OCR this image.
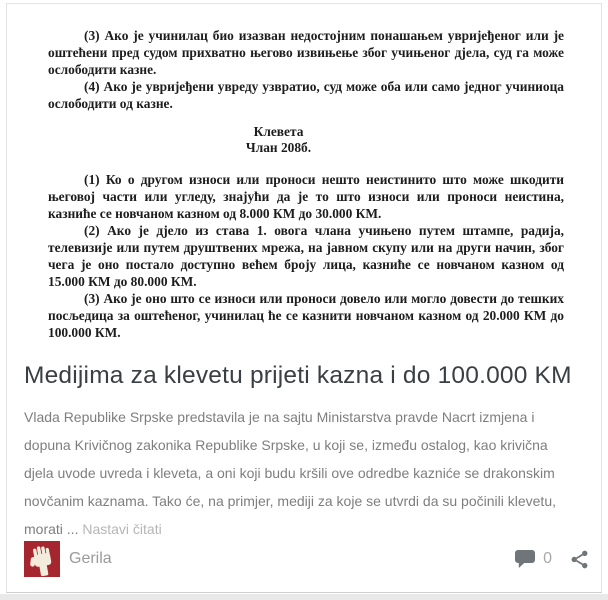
(3) Ако је учинилац био изазван недостојним понашањем увријеђеног или је оштећени пред судом прихватно његово извињење због учињеног дјела, суд га може ослободити казне.

(4) Ако је увријеђени увреду узвратио, суд може оба или само једног учиниоца ослободити од казне.

Клевета
Члан 208б.

(1) Ко о другом износи или проноси нешто неистинито што може шкодити његовој части или угледу, знајући да је то што износи или проноси неистина, казниће се новчаном казном од 8.000 КМ до 30.000 КМ.

(2) Ако је дјело из става 1. овога члана учињено путем штампе, радија, телевизије или путем друштвених мрежа, на јавном скупу или на други начин, због чега је оно постало доступно већем броју лица, казниће се новчаном казном од 15.000 КМ до 80.000 КМ.

(3) Ако је оно што се износи или проноси довело или могло довести до тешких посљедица за оштећеног, учинилац ће се казнити новчаном казном од 20.000 КМ до 100.000 КМ.

Medijima za klevetu prijeti kazna i do 100.000 KM

Vlada Republike Srpske predstavila je na sajtu Ministarstva pravde Nacrt izmjena i dopuna Krivičnog zakonika Republike Srpske, u koji se, između ostalog, kao krivična djela uvode uvreda i kleveta, a oni koji budu kršili ove odredbe kazniće se drakonskim novčanim kaznama. Tako će, na primjer, mediji za koje se utvrdi da su počinili klevetu, morati ... Nastavi čitati

Gerila	0
